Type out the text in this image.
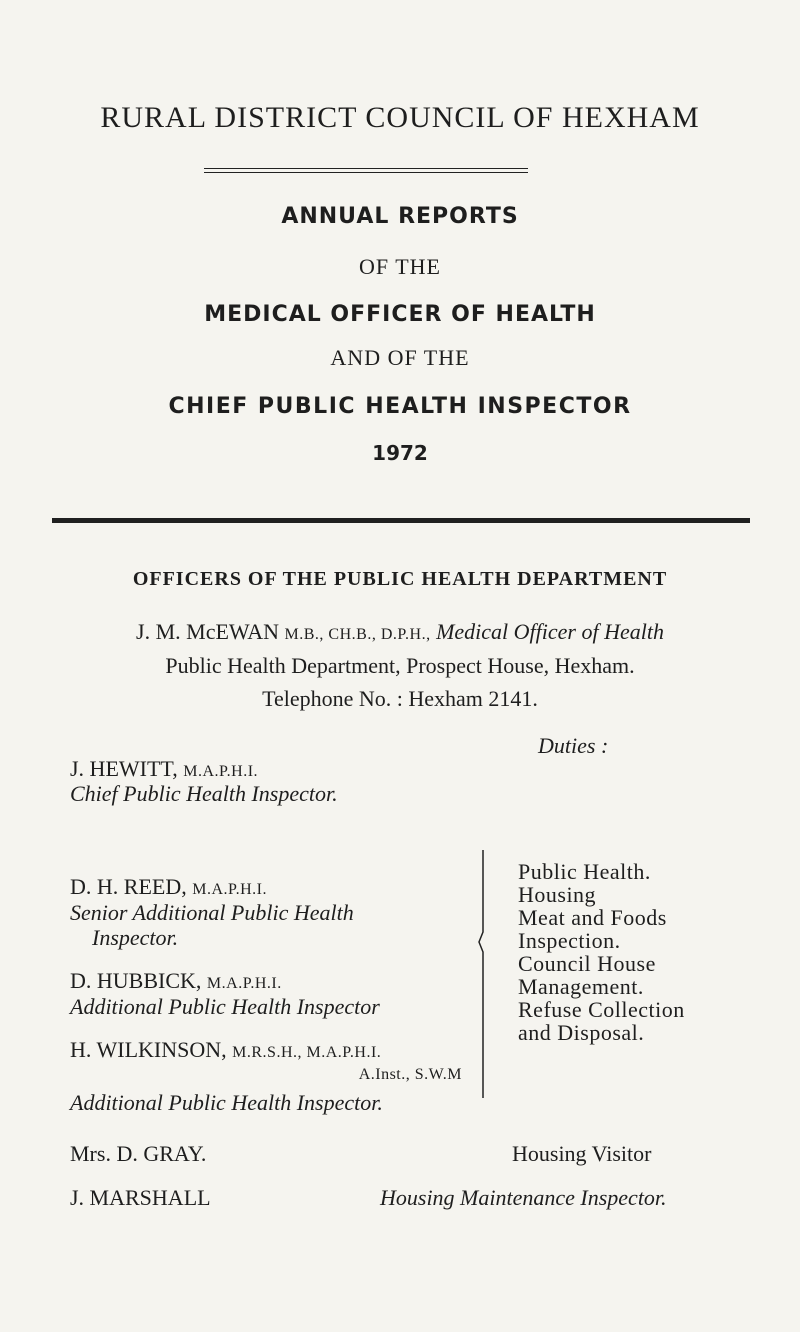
RURAL DISTRICT COUNCIL OF HEXHAM
ANNUAL REPORTS
OF THE
MEDICAL OFFICER OF HEALTH
AND OF THE
CHIEF PUBLIC HEALTH INSPECTOR
1972
OFFICERS OF THE PUBLIC HEALTH DEPARTMENT
J. M. McEWAN M.B., CH.B., D.P.H., Medical Officer of Health
Public Health Department, Prospect House, Hexham.
Telephone No. : Hexham 2141.
Duties :
J. HEWITT, M.A.P.H.I.
Chief Public Health Inspector.
D. H. REED, M.A.P.H.I.
Senior Additional Public Health
Inspector.
D. HUBBICK, M.A.P.H.I.
Additional Public Health Inspector
H. WILKINSON, M.R.S.H., M.A.P.H.I.
A.Inst., S.W.M
Additional Public Health Inspector.
Public Health.
Housing
Meat and Foods
Inspection.
Council House
Management.
Refuse Collection
and Disposal.
Mrs. D. GRAY.	Housing Visitor
J. MARSHALL	Housing Maintenance Inspector.
